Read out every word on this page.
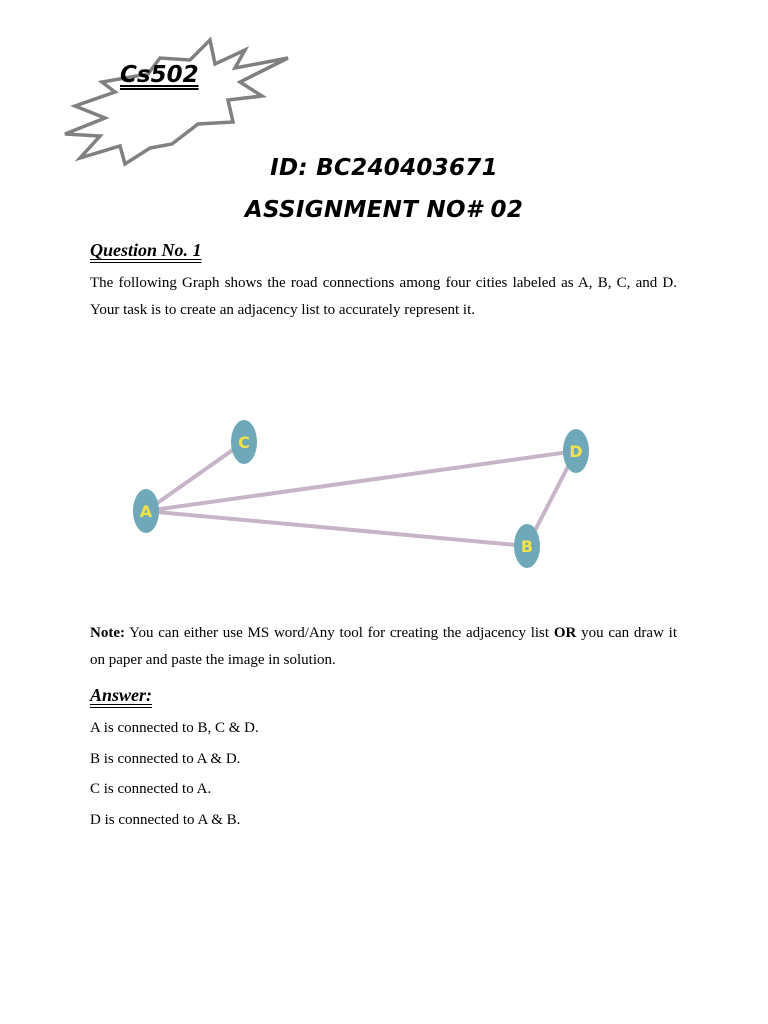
Cs502
ID: BC240403671
ASSIGNMENT NO# 02
Question No. 1
The following Graph shows the road connections among four cities labeled as A, B, C, and D. Your task is to create an adjacency list to accurately represent it.
A
B
C	D
Note: You can either use MS word/Any tool for creating the adjacency list OR you can draw it on paper and paste the image in solution.
Answer:
A is connected to B, C & D.
B is connected to A & D.
C is connected to A.
D is connected to A & B.
